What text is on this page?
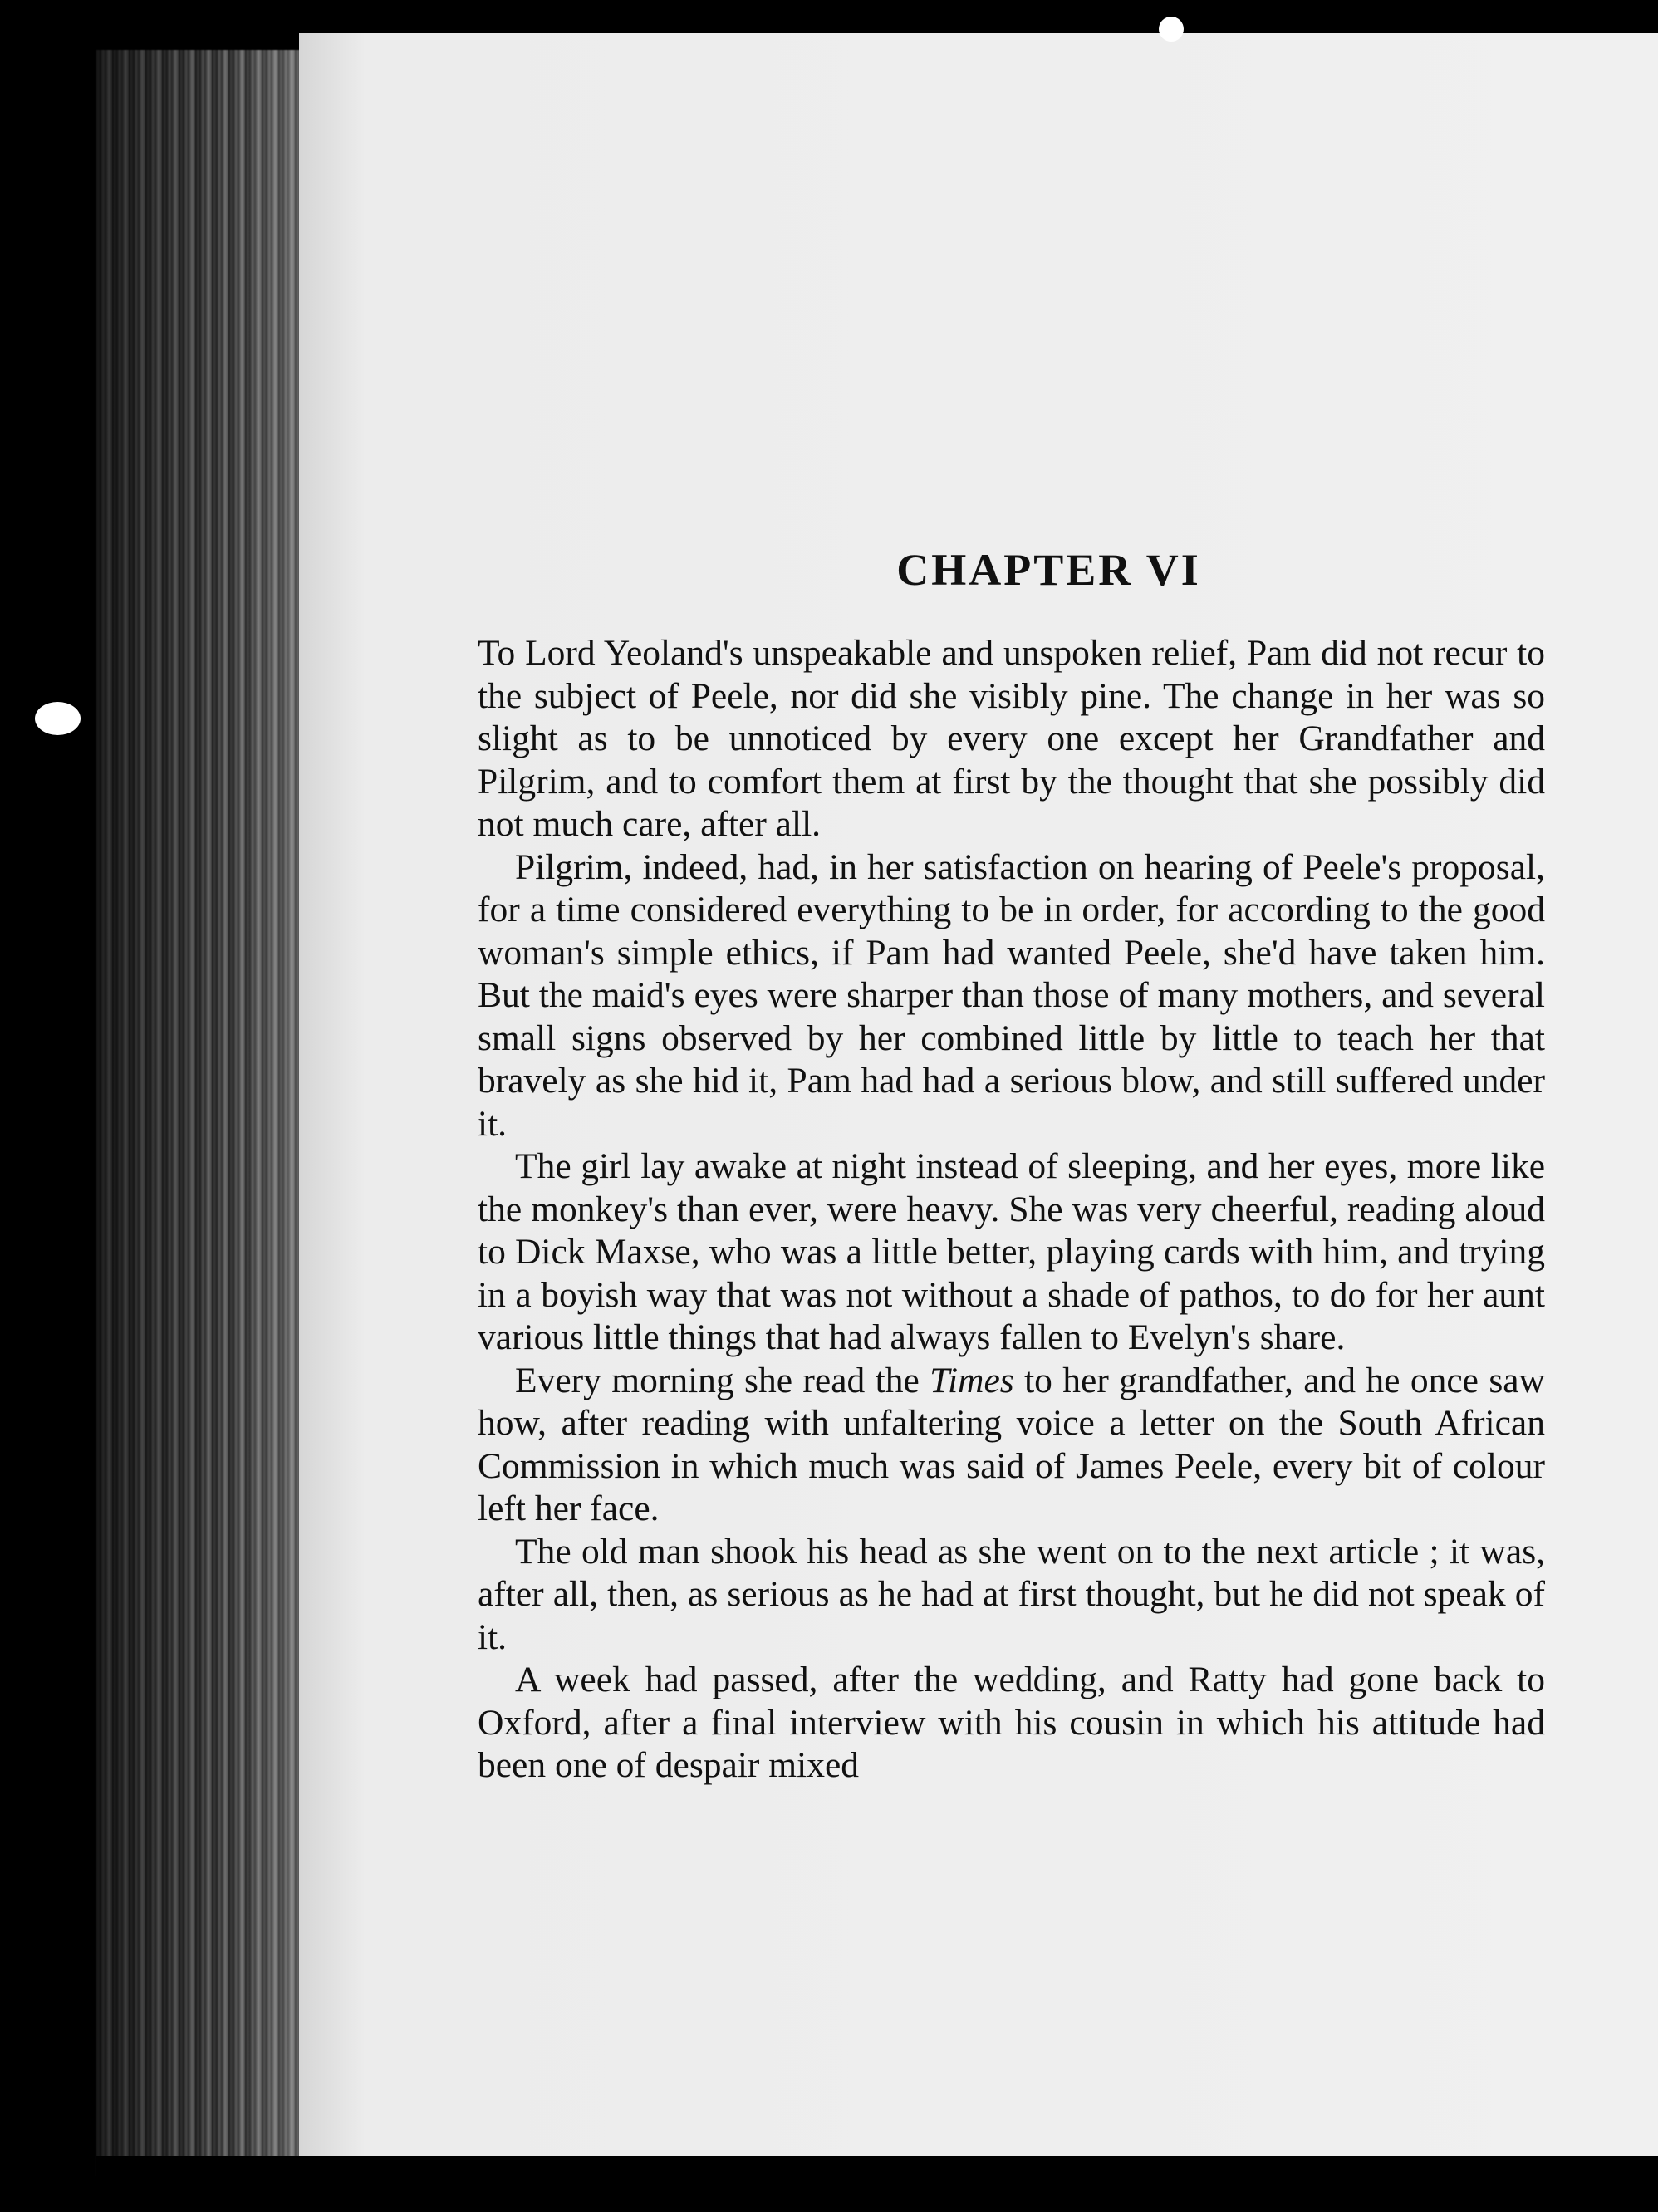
CHAPTER VI

To Lord Yeoland's unspeakable and unspoken relief, Pam did not recur to the subject of Peele, nor did she visibly pine. The change in her was so slight as to be unnoticed by every one except her Grandfather and Pilgrim, and to comfort them at first by the thought that she possibly did not much care, after all.

Pilgrim, indeed, had, in her satisfaction on hearing of Peele's proposal, for a time considered everything to be in order, for according to the good woman's simple ethics, if Pam had wanted Peele, she'd have taken him. But the maid's eyes were sharper than those of many mothers, and several small signs observed by her combined little by little to teach her that bravely as she hid it, Pam had had a serious blow, and still suffered under it.

The girl lay awake at night instead of sleeping, and her eyes, more like the monkey's than ever, were heavy. She was very cheerful, reading aloud to Dick Maxse, who was a little better, playing cards with him, and trying in a boyish way that was not without a shade of pathos, to do for her aunt various little things that had always fallen to Evelyn's share.

Every morning she read the Times to her grandfather, and he once saw how, after reading with unfaltering voice a letter on the South African Commission in which much was said of James Peele, every bit of colour left her face.

The old man shook his head as she went on to the next article ; it was, after all, then, as serious as he had at first thought, but he did not speak of it.

A week had passed, after the wedding, and Ratty had gone back to Oxford, after a final interview with his cousin in which his attitude had been one of despair mixed
